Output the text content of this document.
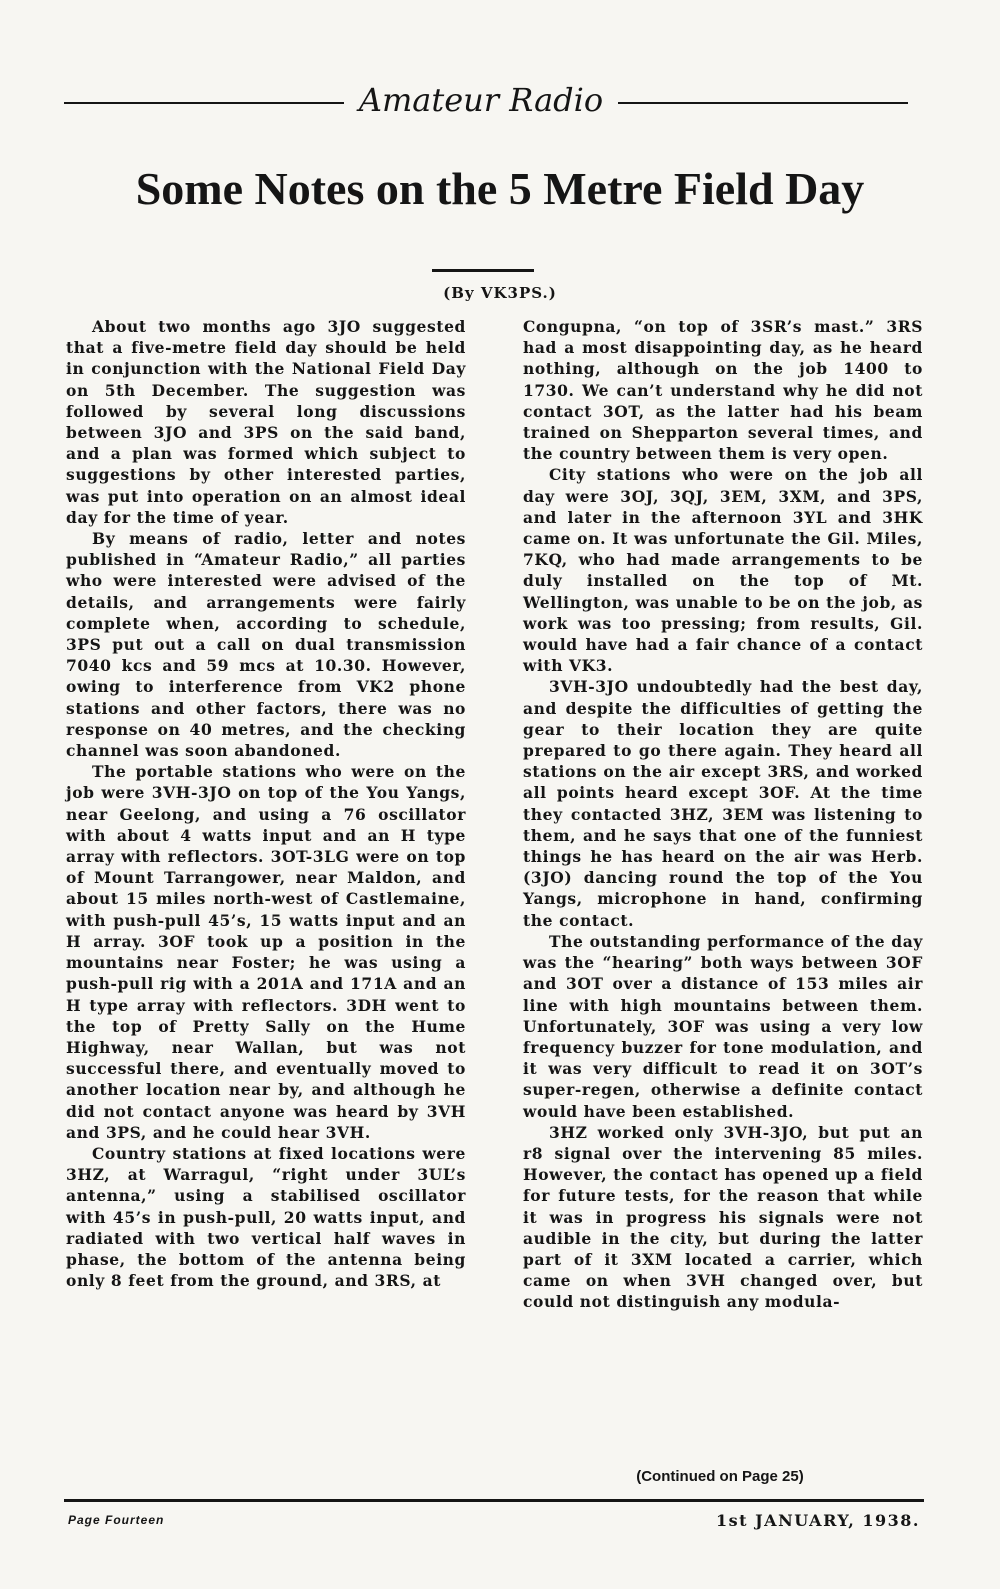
Amateur Radio
Some Notes on the 5 Metre Field Day
(By VK3PS.)

About two months ago 3JO suggested that a five-metre field day should be held in conjunction with the National Field Day on 5th December. The suggestion was followed by several long discussions between 3JO and 3PS on the said band, and a plan was formed which subject to suggestions by other interested parties, was put into operation on an almost ideal day for the time of year.

By means of radio, letter and notes published in “Amateur Radio,” all parties who were interested were advised of the details, and arrangements were fairly complete when, according to schedule, 3PS put out a call on dual transmission 7040 kcs and 59 mcs at 10.30. However, owing to interference from VK2 phone stations and other factors, there was no response on 40 metres, and the checking channel was soon abandoned.

The portable stations who were on the job were 3VH-3JO on top of the You Yangs, near Geelong, and using a 76 oscillator with about 4 watts input and an H type array with reflectors. 3OT-3LG were on top of Mount Tarrangower, near Maldon, and about 15 miles north-west of Castlemaine, with push-pull 45’s, 15 watts input and an H array. 3OF took up a position in the mountains near Foster; he was using a push-pull rig with a 201A and 171A and an H type array with reflectors. 3DH went to the top of Pretty Sally on the Hume Highway, near Wallan, but was not successful there, and eventually moved to another location near by, and although he did not contact anyone was heard by 3VH and 3PS, and he could hear 3VH.

Country stations at fixed locations were 3HZ, at Warragul, “right under 3UL’s antenna,” using a stabilised oscillator with 45’s in push-pull, 20 watts input, and radiated with two vertical half waves in phase, the bottom of the antenna being only 8 feet from the ground, and 3RS, at

Congupna, “on top of 3SR’s mast.” 3RS had a most disappointing day, as he heard nothing, although on the job 1400 to 1730. We can’t understand why he did not contact 3OT, as the latter had his beam trained on Shepparton several times, and the country between them is very open.

City stations who were on the job all day were 3OJ, 3QJ, 3EM, 3XM, and 3PS, and later in the afternoon 3YL and 3HK came on. It was unfortunate the Gil. Miles, 7KQ, who had made arrangements to be duly installed on the top of Mt. Wellington, was unable to be on the job, as work was too pressing; from results, Gil. would have had a fair chance of a contact with VK3.

3VH-3JO undoubtedly had the best day, and despite the difficulties of getting the gear to their location they are quite prepared to go there again. They heard all stations on the air except 3RS, and worked all points heard except 3OF. At the time they contacted 3HZ, 3EM was listening to them, and he says that one of the funniest things he has heard on the air was Herb. (3JO) dancing round the top of the You Yangs, microphone in hand, confirming the contact.

The outstanding performance of the day was the “hearing” both ways between 3OF and 3OT over a distance of 153 miles air line with high mountains between them. Unfortunately, 3OF was using a very low frequency buzzer for tone modulation, and it was very difficult to read it on 3OT’s super-regen, otherwise a definite contact would have been established.

3HZ worked only 3VH-3JO, but put an r8 signal over the intervening 85 miles. However, the contact has opened up a field for future tests, for the reason that while it was in progress his signals were not audible in the city, but during the latter part of it 3XM located a carrier, which came on when 3VH changed over, but could not distinguish any modula-

(Continued on Page 25)
Page Fourteen	1st JANUARY, 1938.
